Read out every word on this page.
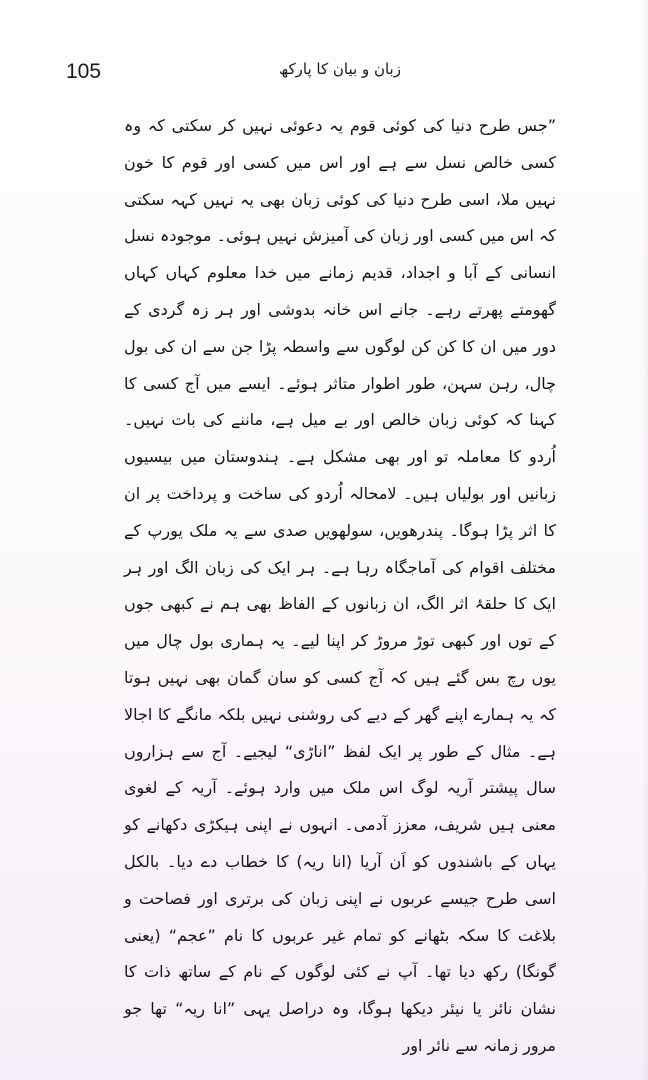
105	زبان و بیان کا پارکھ

”جس طرح دنیا کی کوئی قوم یہ دعوئی نہیں کر سکتی کہ وہ کسی خالص نسل سے ہے اور اس میں کسی اور قوم کا خون نہیں ملا، اسی طرح دنیا کی کوئی زبان بھی یہ نہیں کہہ سکتی کہ اس میں کسی اور زبان کی آمیزش نہیں ہوئی۔ موجودہ نسل انسانی کے آبا و اجداد، قدیم زمانے میں خدا معلوم کہاں کہاں گھومتے پھرتے رہے۔ جانے اس خانہ بدوشی اور ہر زہ گردی کے دور میں ان کا کن کن لوگوں سے واسطہ پڑا جن سے ان کی بول چال، رہن سہن، طور اطوار متاثر ہوئے۔ ایسے میں آج کسی کا کہنا کہ کوئی زبان خالص اور بے میل ہے، ماننے کی بات نہیں۔ اُردو کا معاملہ تو اور بھی مشکل ہے۔ ہندوستان میں بیسیوں زبانیں اور بولیاں ہیں۔ لامحالہ اُردو کی ساخت و پرداخت پر ان کا اثر پڑا ہوگا۔ پندرھویں، سولھویں صدی سے یہ ملک یورپ کے مختلف اقوام کی آماجگاہ رہا ہے۔ ہر ایک کی زبان الگ اور ہر ایک کا حلقۂ اثر الگ، ان زبانوں کے الفاظ بھی ہم نے کبھی جوں کے توں اور کبھی توڑ مروڑ کر اپنا لیے۔ یہ ہماری بول چال میں یوں رچ بس گئے ہیں کہ آج کسی کو سان گمان بھی نہیں ہوتا کہ یہ ہمارے اپنے گھر کے دیے کی روشنی نہیں بلکہ مانگے کا اجالا ہے۔ مثال کے طور پر ایک لفظ ”اناڑی“ لیجیے۔ آج سے ہزاروں سال پیشتر آریہ لوگ اس ملک میں وارد ہوئے۔ آریہ کے لغوی معنی ہیں شریف، معزز آدمی۔ انہوں نے اپنی ہیکڑی دکھانے کو یہاں کے باشندوں کو اَن آریا (انا ریہ) کا خطاب دے دیا۔ بالکل اسی طرح جیسے عربوں نے اپنی زبان کی برتری اور فصاحت و بلاغت کا سکہ بٹھانے کو تمام غیر عربوں کا نام ”عجم“ (یعنی گونگا) رکھ دیا تھا۔ آپ نے کئی لوگوں کے نام کے ساتھ ذات کا نشان نائر یا نیئر دیکھا ہوگا، وہ دراصل یہی ”انا ریہ“ تھا جو مرور زمانہ سے نائر اور
